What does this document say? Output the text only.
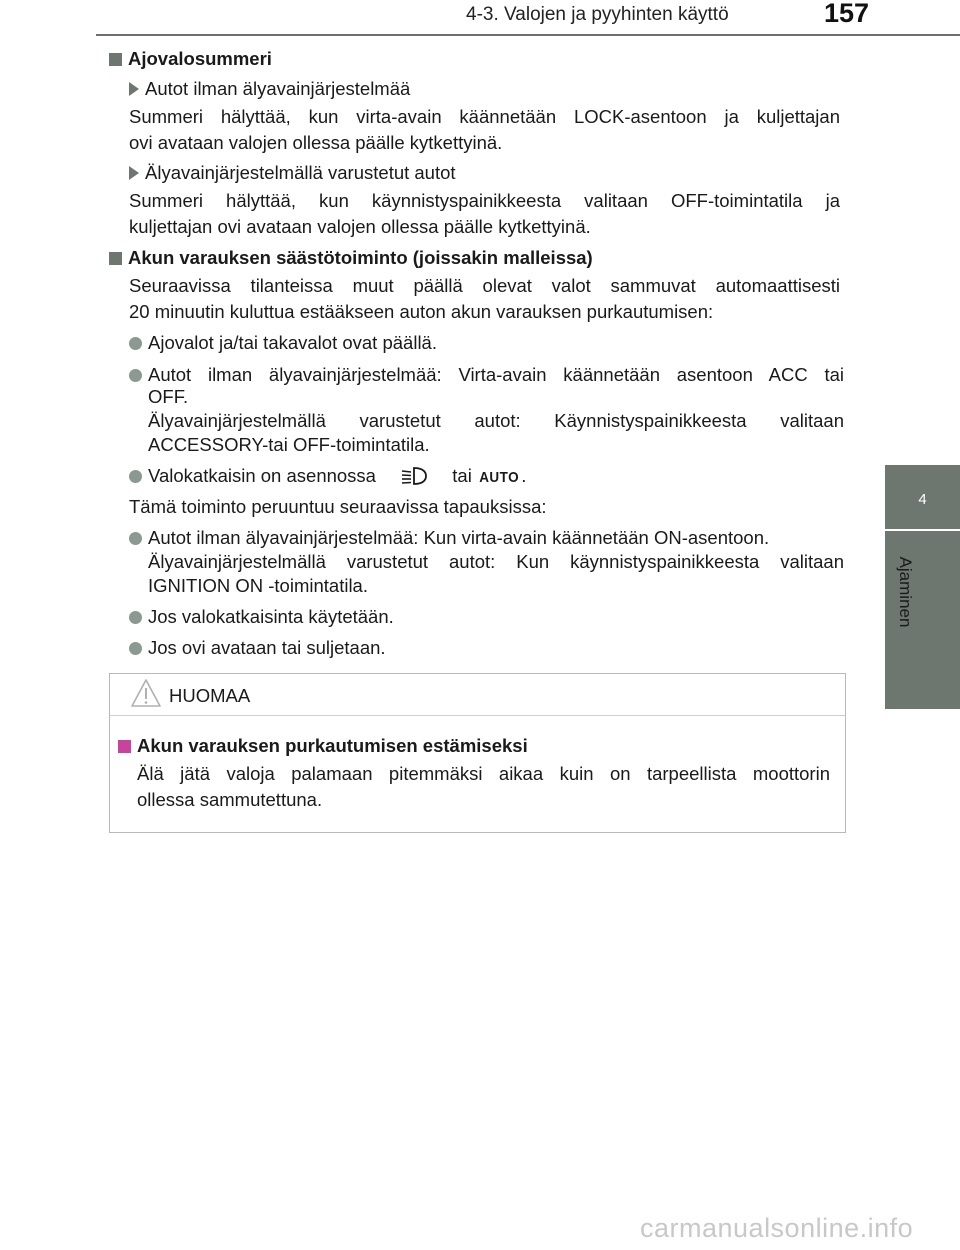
4-3. Valojen ja pyyhinten käyttö	157
4
Ajaminen
Ajovalosummeri
Autot ilman älyavainjärjestelmää
Summeri hälyttää, kun virta-avain käännetään LOCK-asentoon ja kuljettajan
ovi avataan valojen ollessa päälle kytkettyinä.
Älyavainjärjestelmällä varustetut autot
Summeri hälyttää, kun käynnistyspainikkeesta valitaan OFF-toimintatila ja
kuljettajan ovi avataan valojen ollessa päälle kytkettyinä.
Akun varauksen säästötoiminto (joissakin malleissa)
Seuraavissa tilanteissa muut päällä olevat valot sammuvat automaattisesti
20 minuutin kuluttua estääkseen auton akun varauksen purkautumisen:
Ajovalot ja/tai takavalot ovat päällä.
Autot ilman älyavainjärjestelmää: Virta-avain käännetään asentoon ACC tai
OFF.
Älyavainjärjestelmällä varustetut autot: Käynnistyspainikkeesta valitaan
ACCESSORY-tai OFF-toimintatila.
Valokatkaisin on asennossa	tai AUTO .
Tämä toiminto peruuntuu seuraavissa tapauksissa:
Autot ilman älyavainjärjestelmää: Kun virta-avain käännetään ON-asentoon.
Älyavainjärjestelmällä varustetut autot: Kun käynnistyspainikkeesta valitaan
IGNITION ON -toimintatila.
Jos valokatkaisinta käytetään.
Jos ovi avataan tai suljetaan.
HUOMAA
Akun varauksen purkautumisen estämiseksi
Älä jätä valoja palamaan pitemmäksi aikaa kuin on tarpeellista moottorin
ollessa sammutettuna.
carmanualsonline.info
